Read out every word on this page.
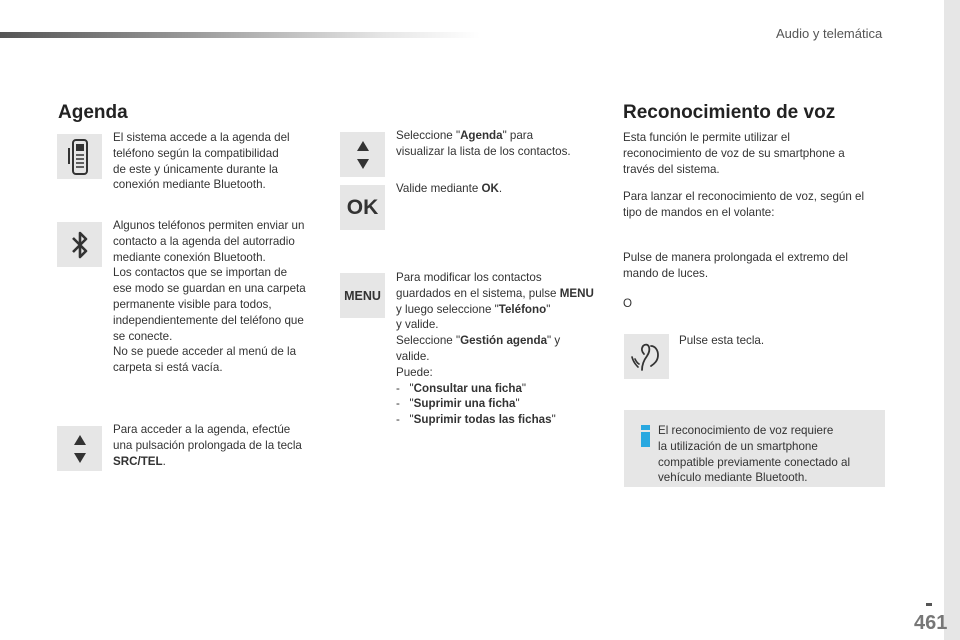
Audio y telemática
Agenda
El sistema accede a la agenda del
teléfono según la compatibilidad
de este y únicamente durante la
conexión mediante Bluetooth.
Algunos teléfonos permiten enviar un
contacto a la agenda del autorradio
mediante conexión Bluetooth.
Los contactos que se importan de
ese modo se guardan en una carpeta
permanente visible para todos,
independientemente del teléfono que
se conecte.
No se puede acceder al menú de la
carpeta si está vacía.
Para acceder a la agenda, efectúe
una pulsación prolongada de la tecla
SRC/TEL.
Seleccione "Agenda" para
visualizar la lista de los contactos.
OK
Valide mediante OK.
MENU
Para modificar los contactos
guardados en el sistema, pulse MENU
y luego seleccione "Teléfono"
y valide.
Seleccione "Gestión agenda" y
valide.
Puede:
- "Consultar una ficha"
- "Suprimir una ficha"
- "Suprimir todas las fichas"
Reconocimiento de voz
Esta función le permite utilizar el
reconocimiento de voz de su smartphone a
través del sistema.
Para lanzar el reconocimiento de voz, según el
tipo de mandos en el volante:
Pulse de manera prolongada el extremo del
mando de luces.
O
Pulse esta tecla.
El reconocimiento de voz requiere
la utilización de un smartphone
compatible previamente conectado al
vehículo mediante Bluetooth.
461
